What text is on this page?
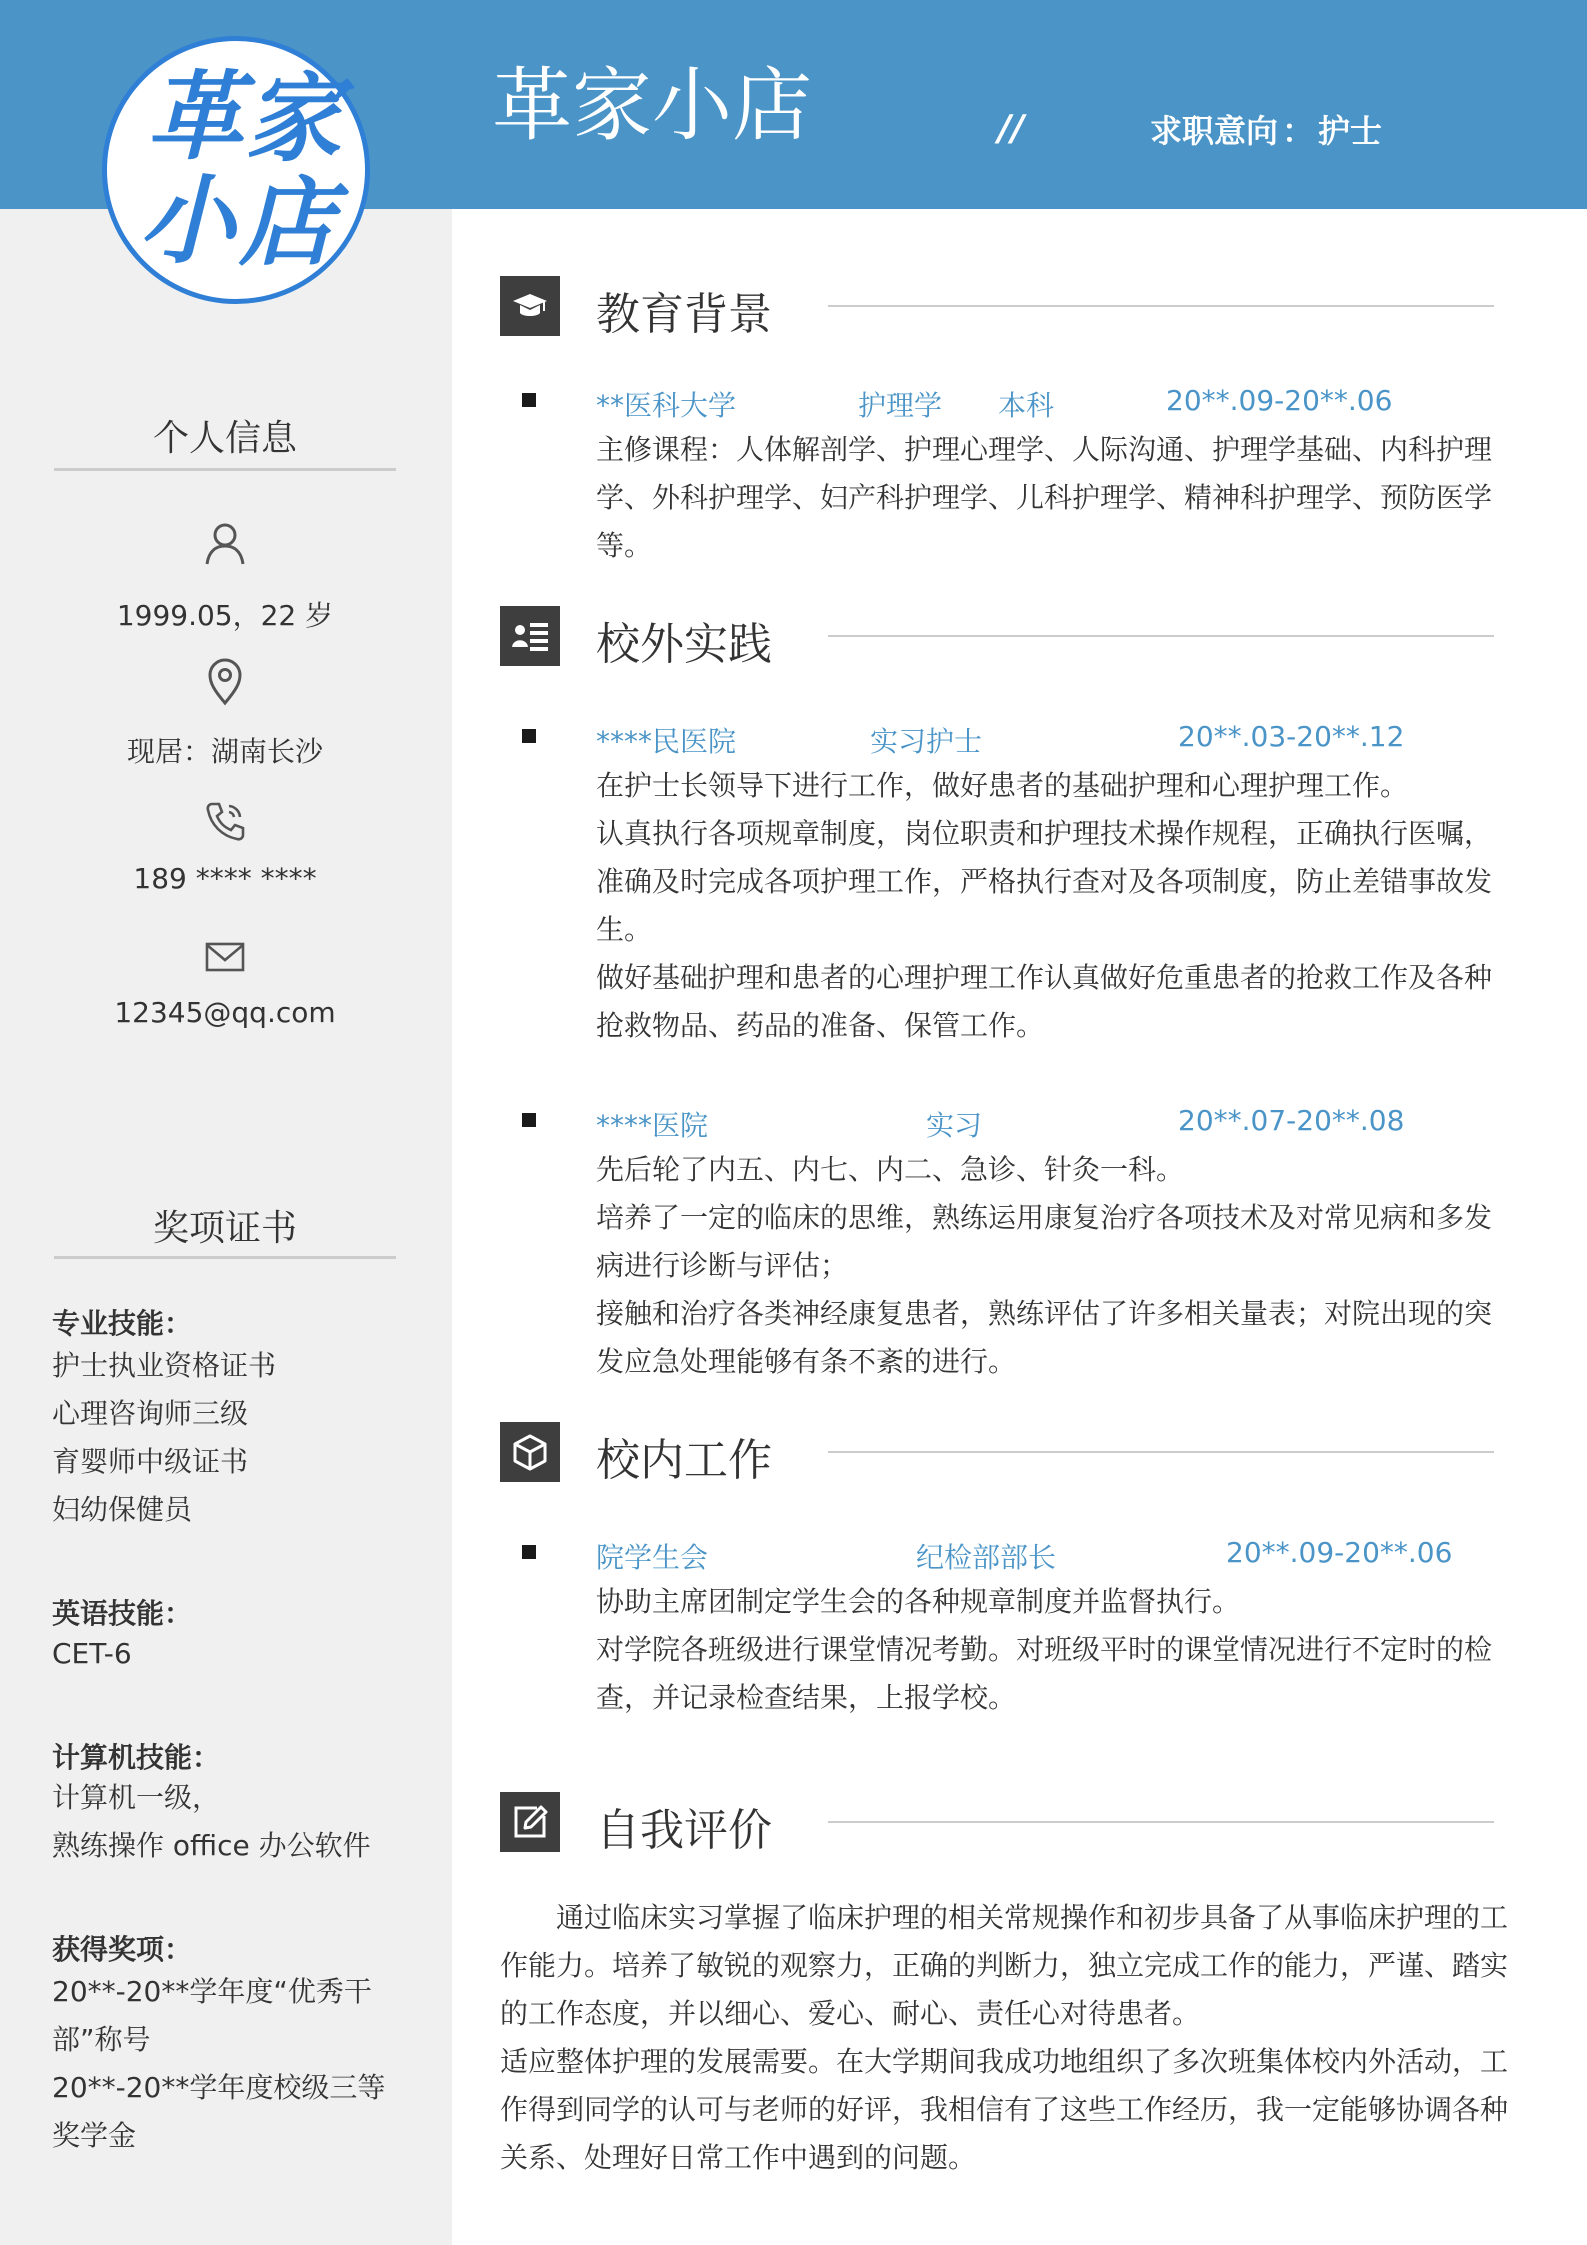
革 家
小 店
革家小店	//	求职意向 ： 护士
个人信息
1999.05，22 岁
现居：湖南长沙
189 **** ****
12345@qq.com
奖项证书
专业技能：
护士执业资格证书
心理咨询师三级
育婴师中级证书
妇幼保健员
英语技能：
CET-6
计算机技能：
计算机一级，
熟练操作 office 办公软件
获得奖项：
20**-20**学年度“优秀干
部”称号
20**-20**学年度校级三等
奖学金
教育背景
**医科大学	护理学 本科	20**.09-20**.06
主修课程：人体解剖学、护理心理学、人际沟通、护理学基础、内科护理
学、外科护理学、妇产科护理学、儿科护理学、精神科护理学、预防医学
等。
校外实践
****民医院	实习护士	20**.03-20**.12
在护士长领导下进行工作，做好患者的基础护理和心理护理工作。
认真执行各项规章制度，岗位职责和护理技术操作规程，正确执行医嘱，
准确及时完成各项护理工作，严格执行查对及各项制度，防止差错事故发
生。
做好基础护理和患者的心理护理工作认真做好危重患者的抢救工作及各种
抢救物品、药品的准备、保管工作。
****医院	实习	20**.07-20**.08
先后轮了内五、内七、内二、急诊、针灸一科。
培养了一定的临床的思维，熟练运用康复治疗各项技术及对常见病和多发
病进行诊断与评估；
接触和治疗各类神经康复患者，熟练评估了许多相关量表；对院出现的突
发应急处理能够有条不紊的进行。
校内工作
院学生会	纪检部部长	20**.09-20**.06
协助主席团制定学生会的各种规章制度并监督执行。
对学院各班级进行课堂情况考勤。对班级平时的课堂情况进行不定时的检
查，并记录检查结果，上报学校。
自我评价
通过临床实习掌握了临床护理的相关常规操作和初步具备了从事临床护理的工
作能力。培养了敏锐的观察力，正确的判断力，独立完成工作的能力，严谨、踏实
的工作态度，并以细心、爱心、耐心、责任心对待患者。
适应整体护理的发展需要。在大学期间我成功地组织了多次班集体校内外活动，工
作得到同学的认可与老师的好评，我相信有了这些工作经历，我一定能够协调各种
关系、处理好日常工作中遇到的问题。
